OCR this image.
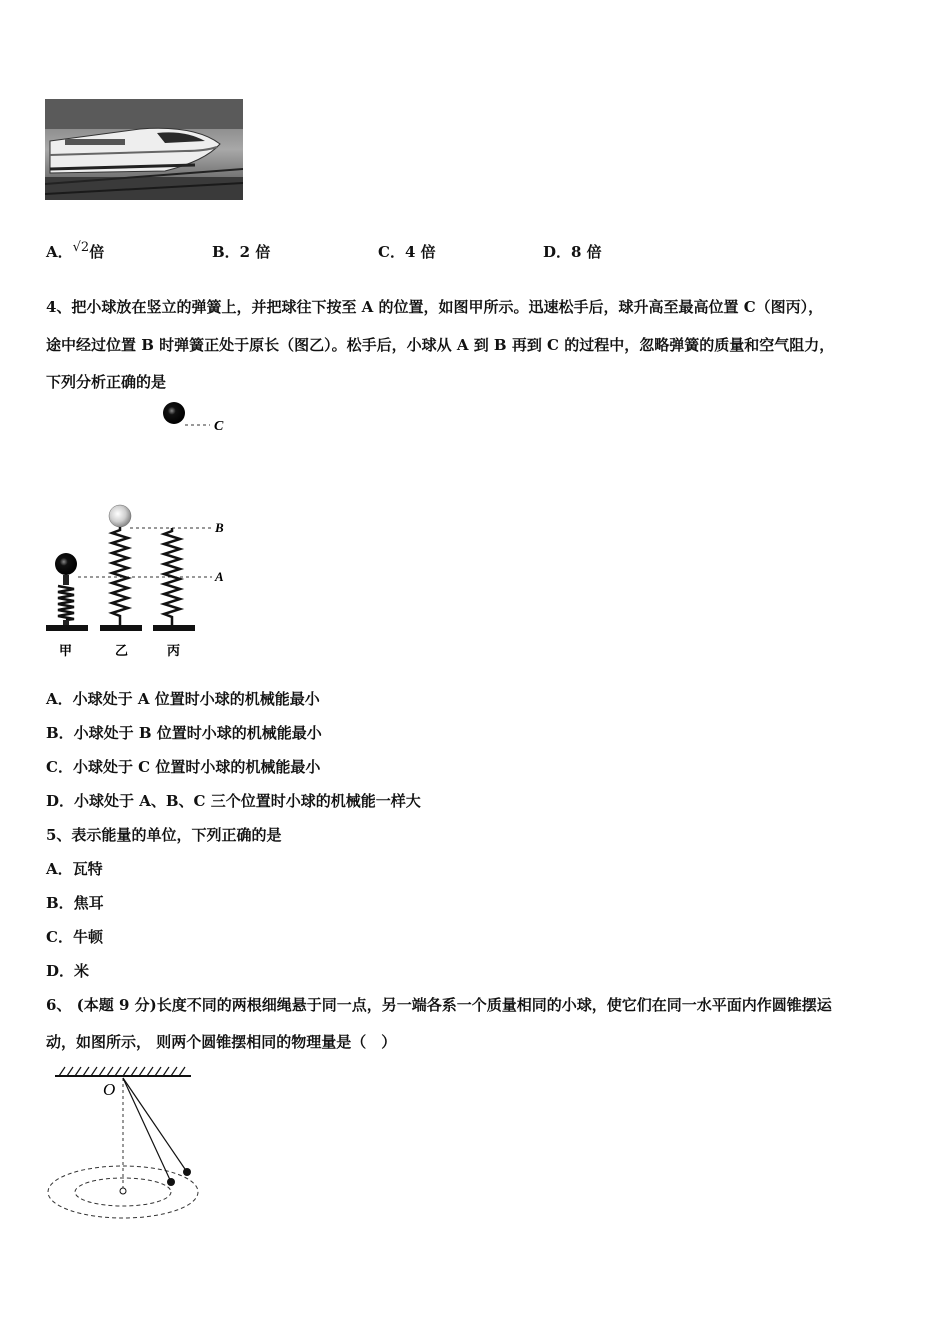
A．√2倍	B．2 倍	C．4 倍	D．8 倍
4、把小球放在竖立的弹簧上，并把球往下按至 A 的位置，如图甲所示。迅速松手后，球升高至最高位置 C（图丙），
途中经过位置 B 时弹簧正处于原长（图乙）。松手后，小球从 A 到 B 再到 C 的过程中，忽略弹簧的质量和空气阻力，
下列分析正确的是
C
B
A
甲	乙	丙
A．小球处于 A 位置时小球的机械能最小
B．小球处于 B 位置时小球的机械能最小
C．小球处于 C 位置时小球的机械能最小
D．小球处于 A、B、C 三个位置时小球的机械能一样大
5、表示能量的单位，下列正确的是
A．瓦特
B．焦耳
C．牛顿
D．米
6、 (本题 9 分)长度不同的两根细绳悬于同一点，另一端各系一个质量相同的小球，使它们在同一水平面内作圆锥摆运
动，如图所示， 则两个圆锥摆相同的物理量是（　）
O
